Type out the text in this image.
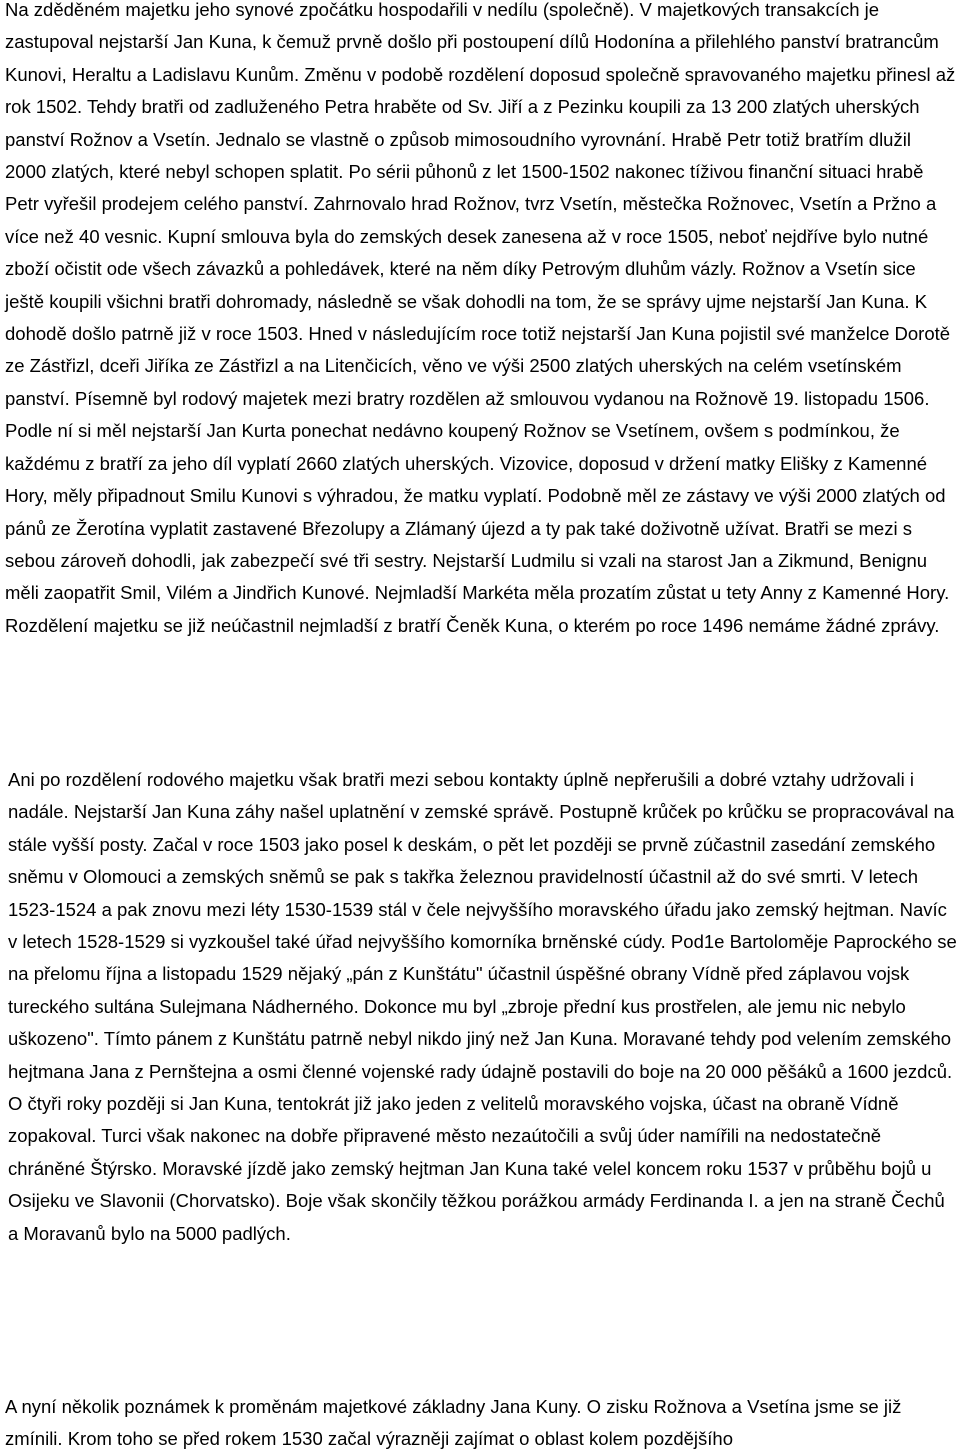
Na zděděném majetku jeho synové zpočátku hospodařili v nedílu (společně). V majetkových transakcích je zastupoval nejstarší Jan Kuna, k čemuž prvně došlo při postoupení dílů Hodonína a přilehlého panství bratrancům Kunovi, Heraltu a Ladislavu Kunům. Změnu v podobě rozdělení doposud společně spravovaného majetku přinesl až rok 1502. Tehdy bratři od zadluženého Petra hraběte od Sv. Jiří a z Pezinku koupili za 13 200 zlatých uherských panství Rožnov a Vsetín. Jednalo se vlastně o způsob mimosoudního vyrovnání. Hrabě Petr totiž bratřím dlužil 2000 zlatých, které nebyl schopen splatit. Po sérii půhonů z let 1500-1502 nakonec tíživou finanční situaci hrabě Petr vyřešil prodejem celého panství. Zahrnovalo hrad Rožnov, tvrz Vsetín, městečka Rožnovec, Vsetín a Pržno a více než 40 vesnic. Kupní smlouva byla do zemských desek zanesena až v roce 1505, neboť nejdříve bylo nutné zboží očistit ode všech závazků a pohledávek, které na něm díky Petrovým dluhům vázly. Rožnov a Vsetín sice ještě koupili všichni bratři dohromady, následně se však dohodli na tom, že se správy ujme nejstarší Jan Kuna. K dohodě došlo patrně již v roce 1503. Hned v následujícím roce totiž nejstarší Jan Kuna pojistil své manželce Dorotě ze Zástřizl, dceři Jiříka ze Zástřizl a na Litenčicích, věno ve výši 2500 zlatých uherských na celém vsetínském panství. Písemně byl rodový majetek mezi bratry rozdělen až smlouvou vydanou na Rožnově 19. listopadu 1506. Podle ní si měl nejstarší Jan Kurta ponechat nedávno koupený Rožnov se Vsetínem, ovšem s podmínkou, že každému z bratří za jeho díl vyplatí 2660 zlatých uherských. Vizovice, doposud v držení matky Elišky z Kamenné Hory, měly připadnout Smilu Kunovi s výhradou, že matku vyplatí. Podobně měl ze zástavy ve výši 2000 zlatých od pánů ze Žerotína vyplatit zastavené Březolupy a Zlámaný újezd a ty pak také doživotně užívat. Bratři se mezi s sebou zároveň dohodli, jak zabezpečí své tři sestry. Nejstarší Ludmilu si vzali na starost Jan a Zikmund, Benignu měli zaopatřit Smil, Vilém a Jindřich Kunové. Nejmladší Markéta měla prozatím zůstat u tety Anny z Kamenné Hory. Rozdělení majetku se již neúčastnil nejmladší z bratří Čeněk Kuna, o kterém po roce 1496 nemáme žádné zprávy.

Ani po rozdělení rodového majetku však bratři mezi sebou kontakty úplně nepřerušili a dobré vztahy udržovali i nadále. Nejstarší Jan Kuna záhy našel uplatnění v zemské správě. Postupně krůček po krůčku se propracovával na stále vyšší posty. Začal v roce 1503 jako posel k deskám, o pět let později se prvně zúčastnil zasedání zemského sněmu v Olomouci a zemských sněmů se pak s takřka železnou pravidelností účastnil až do své smrti. V letech 1523-1524 a pak znovu mezi léty 1530-1539 stál v čele nejvyššího moravského úřadu jako zemský hejtman. Navíc v letech 1528-1529 si vyzkoušel také úřad nejvyššího komorníka brněnské cúdy. Pod1e Bartoloměje Paprockého se na přelomu října a listopadu 1529 nějaký „pán z Kunštátu" účastnil úspěšné obrany Vídně před záplavou vojsk tureckého sultána Sulejmana Nádherného. Dokonce mu byl „zbroje přední kus prostřelen, ale jemu nic nebylo uškozeno". Tímto pánem z Kunštátu patrně nebyl nikdo jiný než Jan Kuna. Moravané tehdy pod velením zemského hejtmana Jana z Pernštejna a osmi členné vojenské rady údajně postavili do boje na 20 000 pěšáků a 1600 jezdců. O čtyři roky později si Jan Kuna, tentokrát již jako jeden z velitelů moravského vojska, účast na obraně Vídně zopakoval. Turci však nakonec na dobře připravené město nezaútočili a svůj úder namířili na nedostatečně chráněné Štýrsko. Moravské jízdě jako zemský hejtman Jan Kuna také velel koncem roku 1537 v průběhu bojů u Osijeku ve Slavonii (Chorvatsko). Boje však skončily těžkou porážkou armády Ferdinanda I. a jen na straně Čechů a Moravanů bylo na 5000 padlých.

A nyní několik poznámek k proměnám majetkové základny Jana Kuny. O zisku Rožnova a Vsetína jsme se již zmínili. Krom toho se před rokem 1530 začal výrazněji zajímat o oblast kolem pozdějšího
